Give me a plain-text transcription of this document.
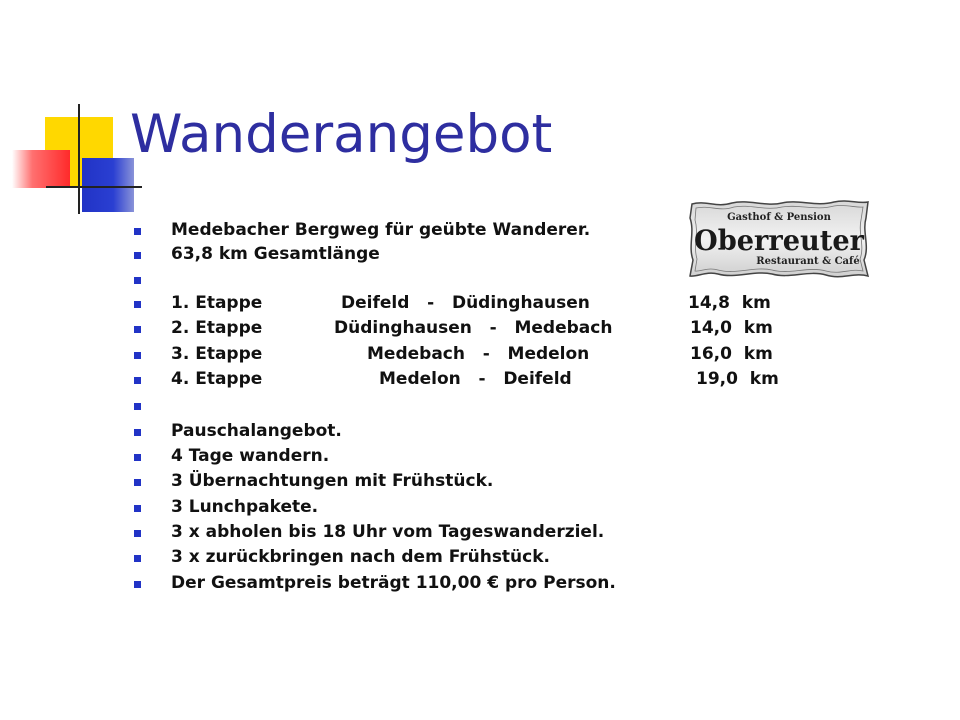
Wanderangebot
Gasthof & Pension
Oberreuter
Restaurant & Café
Medebacher Bergweg für geübte Wanderer.
63,8 km Gesamtlänge
1. Etappe	Deifeld   -   Düdinghausen	14,8  km
2. Etappe	Düdinghausen   -   Medebach	14,0  km
3. Etappe	Medebach   -   Medelon	16,0  km
4. Etappe	Medelon   -   Deifeld	19,0  km
Pauschalangebot.
4 Tage wandern.
3 Übernachtungen mit Frühstück.
3 Lunchpakete.
3 x abholen bis 18 Uhr vom Tageswanderziel.
3 x zurückbringen nach dem Frühstück.
Der Gesamtpreis beträgt 110,00 € pro Person.
